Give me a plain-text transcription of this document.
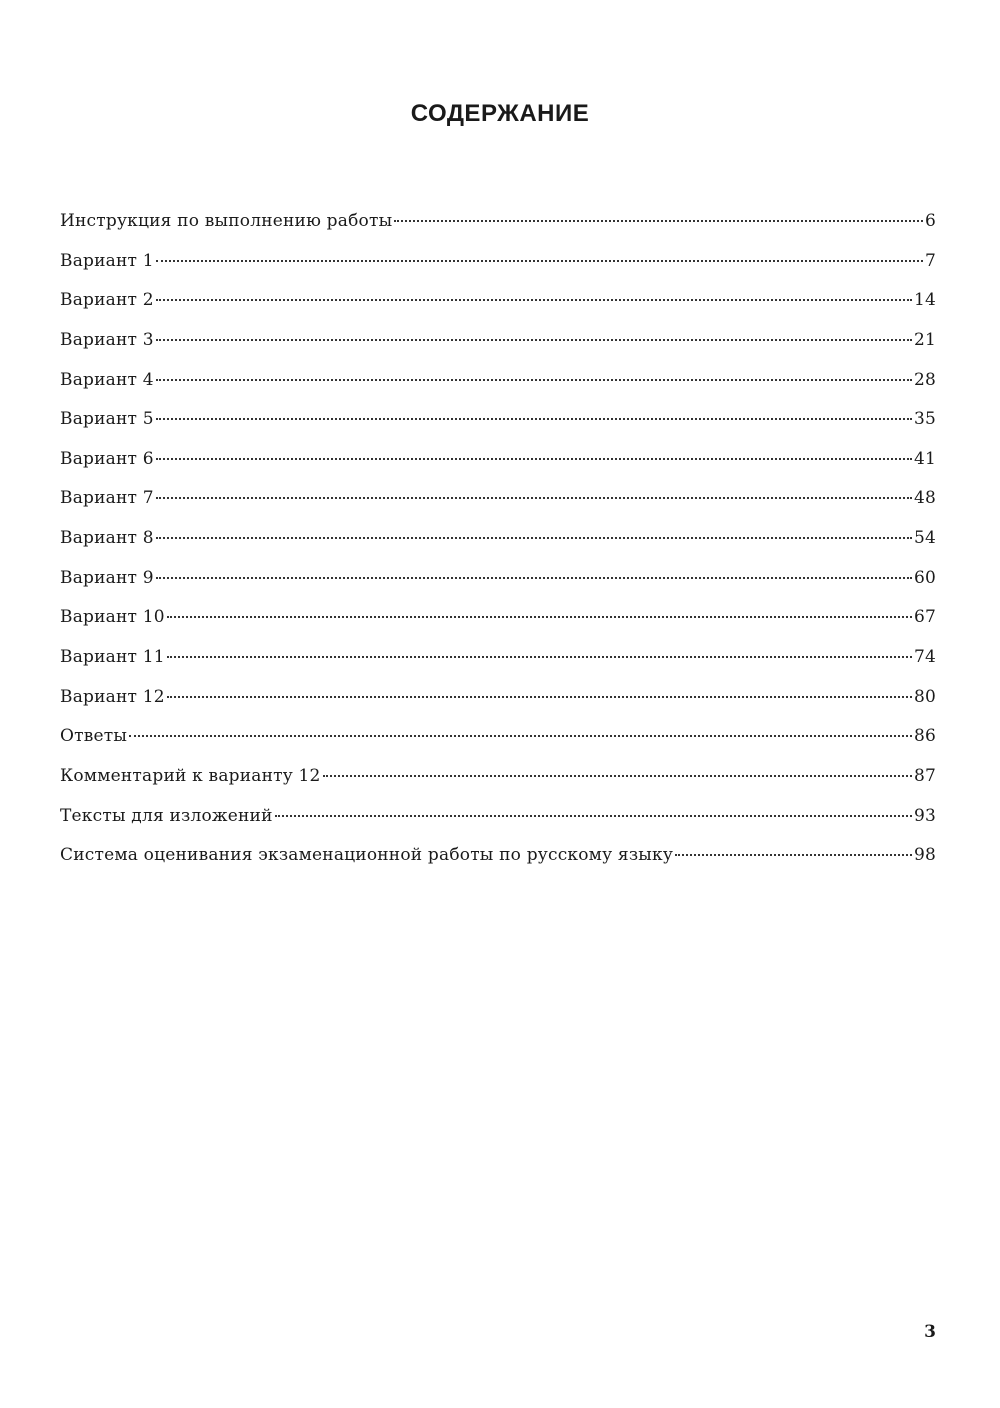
СОДЕРЖАНИЕ
Инструкция по выполнению работы	6
Вариант 1	7
Вариант 2	14
Вариант 3	21
Вариант 4	28
Вариант 5	35
Вариант 6	41
Вариант 7	48
Вариант 8	54
Вариант 9	60
Вариант 10	67
Вариант 11	74
Вариант 12	80
Ответы	86
Комментарий к варианту 12	87
Тексты для изложений	93
Система оценивания экзаменационной работы по русскому языку	98
3
